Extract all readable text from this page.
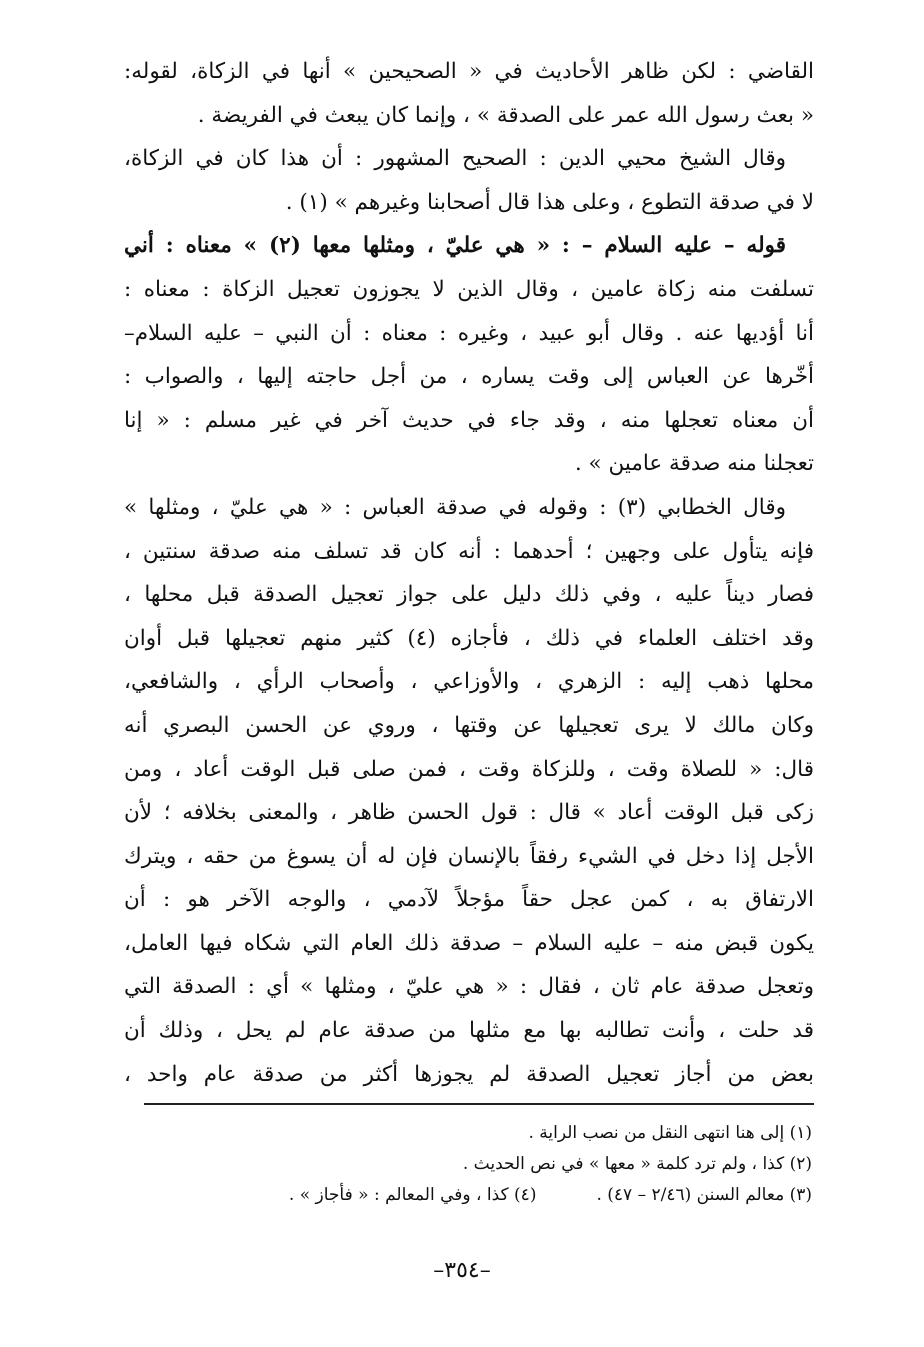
القاضي : لكن ظاهر الأحاديث في « الصحيحين » أنها في الزكاة، لقوله:
« بعث رسول الله عمر على الصدقة » ، وإنما كان يبعث في الفريضة .
وقال الشيخ محيي الدين : الصحيح المشهور : أن هذا كان في الزكاة،
لا في صدقة التطوع ، وعلى هذا قال أصحابنا وغيرهم » (١) .
قوله – عليه السلام – : « هي عليّ ، ومثلها معها (٢) » معناه : أني
تسلفت منه زكاة عامين ، وقال الذين لا يجوزون تعجيل الزكاة : معناه :
أنا أؤديها عنه . وقال أبو عبيد ، وغيره : معناه : أن النبي – عليه السلام–
أخّرها عن العباس إلى وقت يساره ، من أجل حاجته إليها ، والصواب :
أن معناه تعجلها منه ، وقد جاء في حديث آخر في غير مسلم : « إنا
تعجلنا منه صدقة عامين » .
وقال الخطابي (٣) : وقوله في صدقة العباس : « هي عليّ ، ومثلها »
فإنه يتأول على وجهين ؛ أحدهما : أنه كان قد تسلف منه صدقة سنتين ،
فصار ديناً عليه ، وفي ذلك دليل على جواز تعجيل الصدقة قبل محلها ،
وقد اختلف العلماء في ذلك ، فأجازه (٤) كثير منهم تعجيلها قبل أوان
محلها ذهب إليه : الزهري ، والأوزاعي ، وأصحاب الرأي ، والشافعي،
وكان مالك لا يرى تعجيلها عن وقتها ، وروي عن الحسن البصري أنه
قال: « للصلاة وقت ، وللزكاة وقت ، فمن صلى قبل الوقت أعاد ، ومن
زكى قبل الوقت أعاد » قال : قول الحسن ظاهر ، والمعنى بخلافه ؛ لأن
الأجل إذا دخل في الشيء رفقاً بالإنسان فإن له أن يسوغ من حقه ، ويترك
الارتفاق به ، كمن عجل حقاً مؤجلاً لآدمي ، والوجه الآخر هو : أن
يكون قبض منه – عليه السلام – صدقة ذلك العام التي شكاه فيها العامل،
وتعجل صدقة عام ثان ، فقال : « هي عليّ ، ومثلها » أي : الصدقة التي
قد حلت ، وأنت تطالبه بها مع مثلها من صدقة عام لم يحل ، وذلك أن
بعض من أجاز تعجيل الصدقة لم يجوزها أكثر من صدقة عام واحد ،
(١) إلى هنا انتهى النقل من نصب الراية .
(٢) كذا ، ولم ترد كلمة « معها » في نص الحديث .
(٣) معالم السنن (٢/٤٦ – ٤٧) .
(٤) كذا ، وفي المعالم : « فأجاز » .
–٣٥٤–
